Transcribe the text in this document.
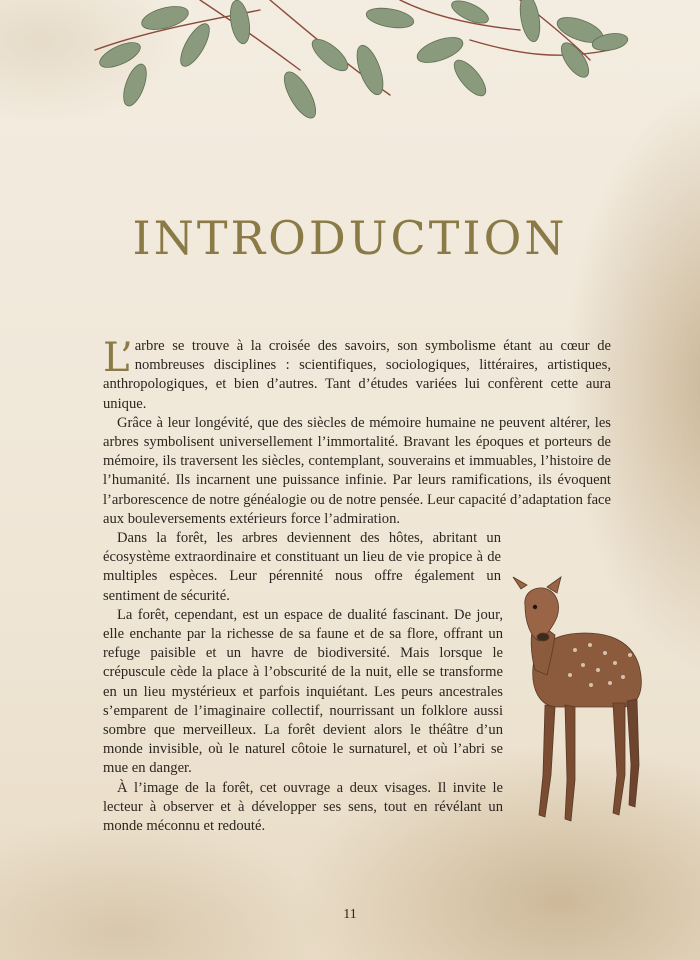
INTRODUCTION

L’ arbre se trouve à la croisée des savoirs, son symbolisme étant au cœur de nombreuses disciplines : scientifiques, sociologiques, littéraires, artistiques, anthropologiques, et bien d’autres. Tant d’études variées lui confèrent cette aura unique.

Grâce à leur longévité, que des siècles de mémoire humaine ne peuvent altérer, les arbres symbolisent universellement l’immortalité. Bravant les époques et porteurs de mémoire, ils traversent les siècles, contemplant, souverains et immuables, l’histoire de l’humanité. Ils incarnent une puissance infinie. Par leurs ramifications, ils évoquent l’arborescence de notre généalogie ou de notre pensée. Leur capacité d’adaptation face aux bouleversements extérieurs force l’admiration.

Dans la forêt, les arbres deviennent des hôtes, abritant un écosystème extraordinaire et constituant un lieu de vie propice à de multiples espèces. Leur pérennité nous offre également un sentiment de sécurité.

La forêt, cependant, est un espace de dualité fascinant. De jour, elle enchante par la richesse de sa faune et de sa flore, offrant un refuge paisible et un havre de biodiversité. Mais lorsque le crépuscule cède la place à l’obscurité de la nuit, elle se transforme en un lieu mystérieux et parfois inquiétant. Les peurs ancestrales s’emparent de l’imaginaire collectif, nourrissant un folklore aussi sombre que merveilleux. La forêt devient alors le théâtre d’un monde invisible, où le naturel côtoie le surnaturel, et où l’abri se mue en danger.

À l’image de la forêt, cet ouvrage a deux visages. Il invite le lecteur à observer et à développer ses sens, tout en révélant un monde méconnu et redouté.

11
